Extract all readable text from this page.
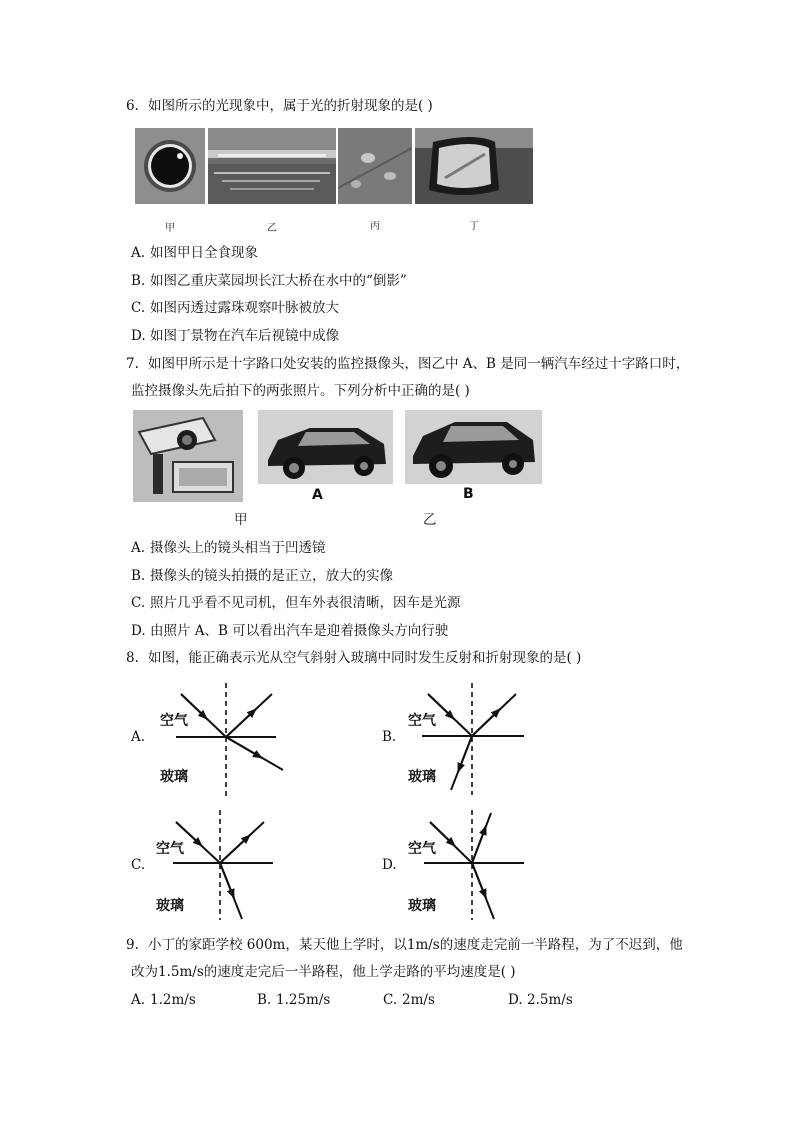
6. 如图所示的光现象中，属于光的折射现象的是( )
甲	乙	丙	丁
A. 如图甲日全食现象
B. 如图乙重庆菜园坝长江大桥在水中的“倒影”
C. 如图丙透过露珠观察叶脉被放大
D. 如图丁景物在汽车后视镜中成像
7. 如图甲所示是十字路口处安装的监控摄像头，图乙中 A、B 是同一辆汽车经过十字路口时，
监控摄像头先后拍下的两张照片。下列分析中正确的是( )
A	B
甲	乙
A. 摄像头上的镜头相当于凹透镜
B. 摄像头的镜头拍摄的是正立，放大的实像
C. 照片几乎看不见司机，但车外表很清晰，因车是光源
D. 由照片 A、B 可以看出汽车是迎着摄像头方向行驶
8. 如图，能正确表示光从空气斜射入玻璃中同时发生反射和折射现象的是( )
A.
空气
玻璃
B.
空气
玻璃
C.
空气
玻璃
D.
空气
玻璃
9. 小丁的家距学校 600m，某天他上学时，以1m/s的速度走完前一半路程，为了不迟到，他
改为1.5m/s的速度走完后一半路程，他上学走路的平均速度是( )
A. 1.2m/s	B. 1.25m/s	C. 2m/s	D. 2.5m/s
